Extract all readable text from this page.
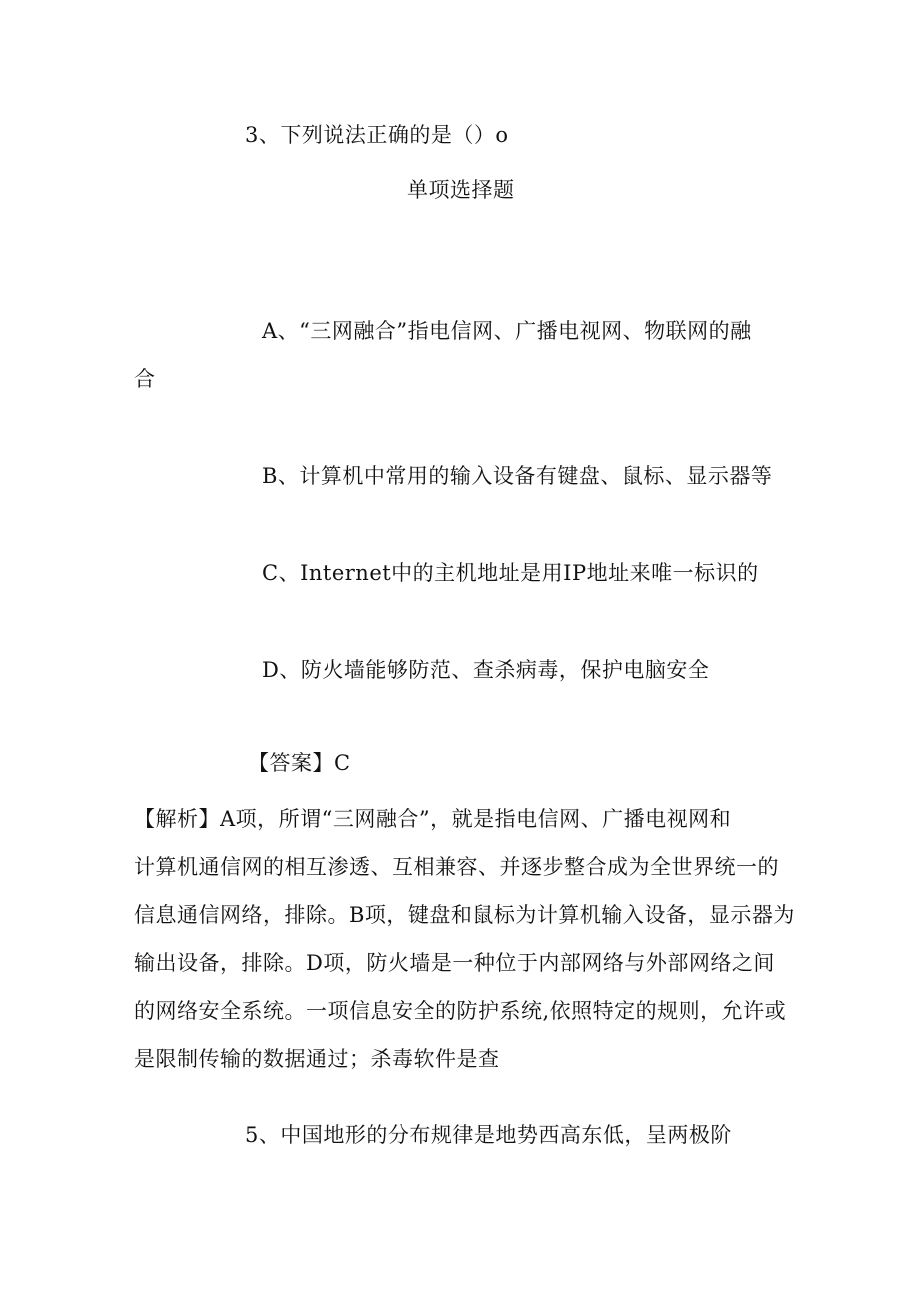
3、下列说法正确的是（）o
单项选择题
A、“三网融合”指电信网、广播电视网、物联网的融
合
B、计算机中常用的输入设备有键盘、鼠标、显示器等
C、Internet中的主机地址是用IP地址来唯一标识的
D、防火墙能够防范、查杀病毒，保护电脑安全
【答案】C
【解析】A项，所谓“三网融合”，就是指电信网、广播电视网和
计算机通信网的相互渗透、互相兼容、并逐步整合成为全世界统一的
信息通信网络，排除。B项，键盘和鼠标为计算机输入设备，显示器为
输出设备，排除。D项，防火墙是一种位于内部网络与外部网络之间
的网络安全系统。一项信息安全的防护系统,依照特定的规则，允许或
是限制传输的数据通过；杀毒软件是查
5、中国地形的分布规律是地势西高东低，呈两极阶
